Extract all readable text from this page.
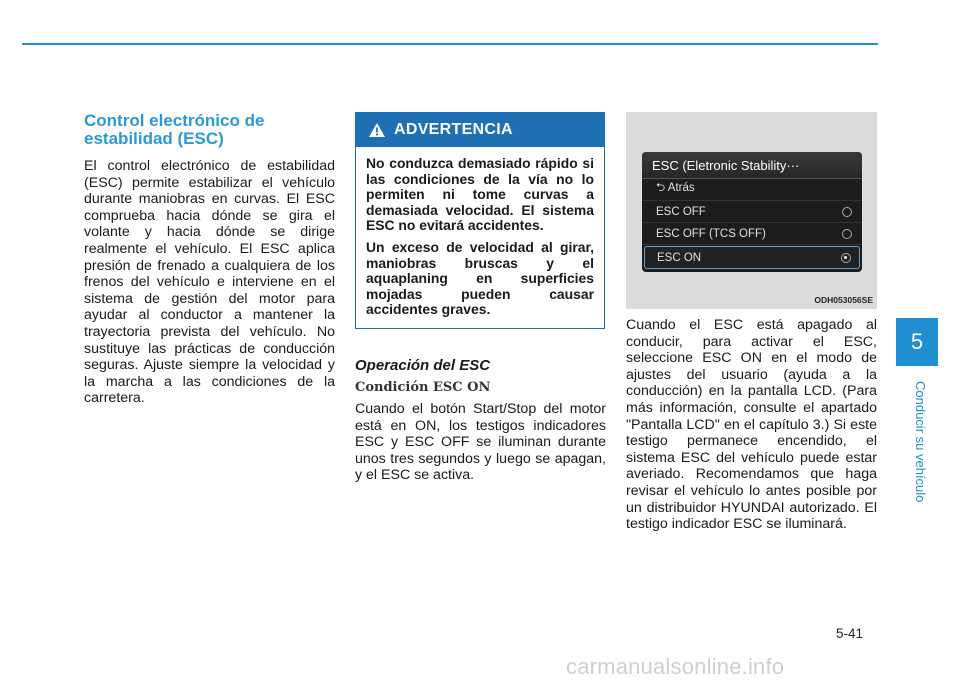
Control electrónico de estabilidad (ESC)

El control electrónico de estabilidad (ESC) permite estabilizar el vehículo durante maniobras en curvas. El ESC comprueba hacia dónde se gira el volante y hacia dónde se dirige realmente el vehículo. El ESC aplica presión de frenado a cualquiera de los frenos del vehículo e interviene en el sistema de gestión del motor para ayudar al conductor a mantener la trayectoria prevista del vehículo. No sustituye las prácticas de conducción seguras. Ajuste siempre la velocidad y la marcha a las condiciones de la carretera.

ADVERTENCIA

No conduzca demasiado rápido si las condiciones de la vía no lo permiten ni tome curvas a demasiada velocidad. El sistema ESC no evitará accidentes.

Un exceso de velocidad al girar, maniobras bruscas y el aquaplaning en superficies mojadas pueden causar accidentes graves.

Operación del ESC
Condición ESC ON

Cuando el botón Start/Stop del motor está en ON, los testigos indicadores ESC y ESC OFF se iluminan durante unos tres segundos y luego se apagan, y el ESC se activa.

ESC (Eletronic Stability···
⮌ Atrás
ESC OFF
ESC OFF (TCS OFF)
ESC ON
ODH053056SE

Cuando el ESC está apagado al conducir, para activar el ESC, seleccione ESC ON en el modo de ajustes del usuario (ayuda a la conducción) en la pantalla LCD. (Para más información, consulte el apartado "Pantalla LCD" en el capítulo 3.) Si este testigo permanece encendido, el sistema ESC del vehículo puede estar averiado. Recomendamos que haga revisar el vehículo lo antes posible por un distribuidor HYUNDAI autorizado. El testigo indicador ESC se iluminará.

5
Conducir su vehículo
5-41
carmanualsonline.info
